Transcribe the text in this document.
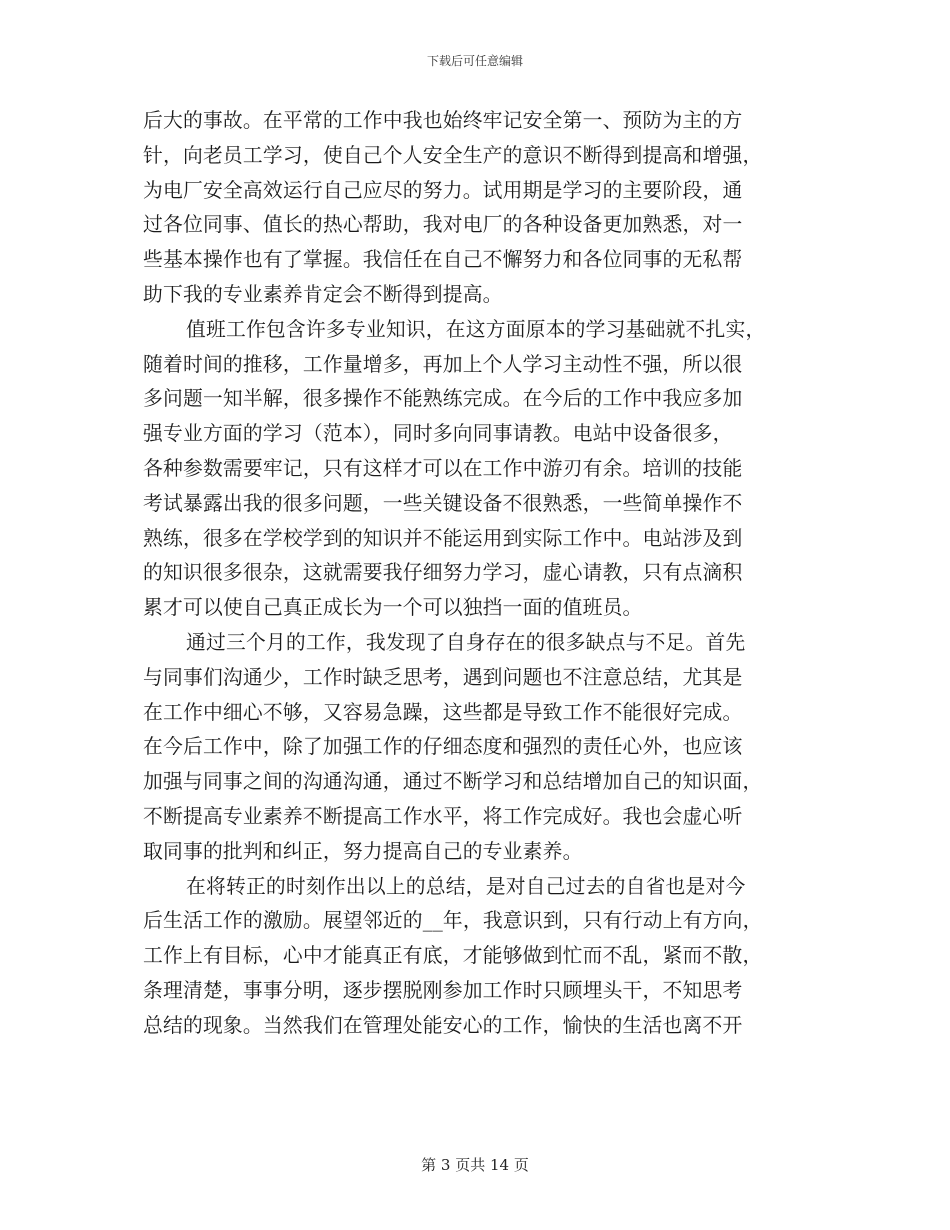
下载后可任意编辑
后大的事故。在平常的工作中我也始终牢记安全第一、预防为主的方
针，向老员工学习，使自己个人安全生产的意识不断得到提高和增强，
为电厂安全高效运行自己应尽的努力。试用期是学习的主要阶段，通
过各位同事、值长的热心帮助，我对电厂的各种设备更加熟悉，对一
些基本操作也有了掌握。我信任在自己不懈努力和各位同事的无私帮
助下我的专业素养肯定会不断得到提高。
值班工作包含许多专业知识，在这方面原本的学习基础就不扎实，
随着时间的推移，工作量增多，再加上个人学习主动性不强，所以很
多问题一知半解，很多操作不能熟练完成。在今后的工作中我应多加
强专业方面的学习（范本），同时多向同事请教。电站中设备很多，
各种参数需要牢记，只有这样才可以在工作中游刃有余。培训的技能
考试暴露出我的很多问题，一些关键设备不很熟悉，一些简单操作不
熟练，很多在学校学到的知识并不能运用到实际工作中。电站涉及到
的知识很多很杂，这就需要我仔细努力学习，虚心请教，只有点滴积
累才可以使自己真正成长为一个可以独挡一面的值班员。
通过三个月的工作，我发现了自身存在的很多缺点与不足。首先
与同事们沟通少，工作时缺乏思考，遇到问题也不注意总结，尤其是
在工作中细心不够，又容易急躁，这些都是导致工作不能很好完成。
在今后工作中，除了加强工作的仔细态度和强烈的责任心外，也应该
加强与同事之间的沟通沟通，通过不断学习和总结增加自己的知识面，
不断提高专业素养不断提高工作水平，将工作完成好。我也会虚心听
取同事的批判和纠正，努力提高自己的专业素养。
在将转正的时刻作出以上的总结，是对自己过去的自省也是对今
后生活工作的激励。展望邻近的__年，我意识到，只有行动上有方向，
工作上有目标，心中才能真正有底，才能够做到忙而不乱，紧而不散，
条理清楚，事事分明，逐步摆脱刚参加工作时只顾埋头干，不知思考
总结的现象。当然我们在管理处能安心的工作，愉快的生活也离不开
第 3 页共 14 页
